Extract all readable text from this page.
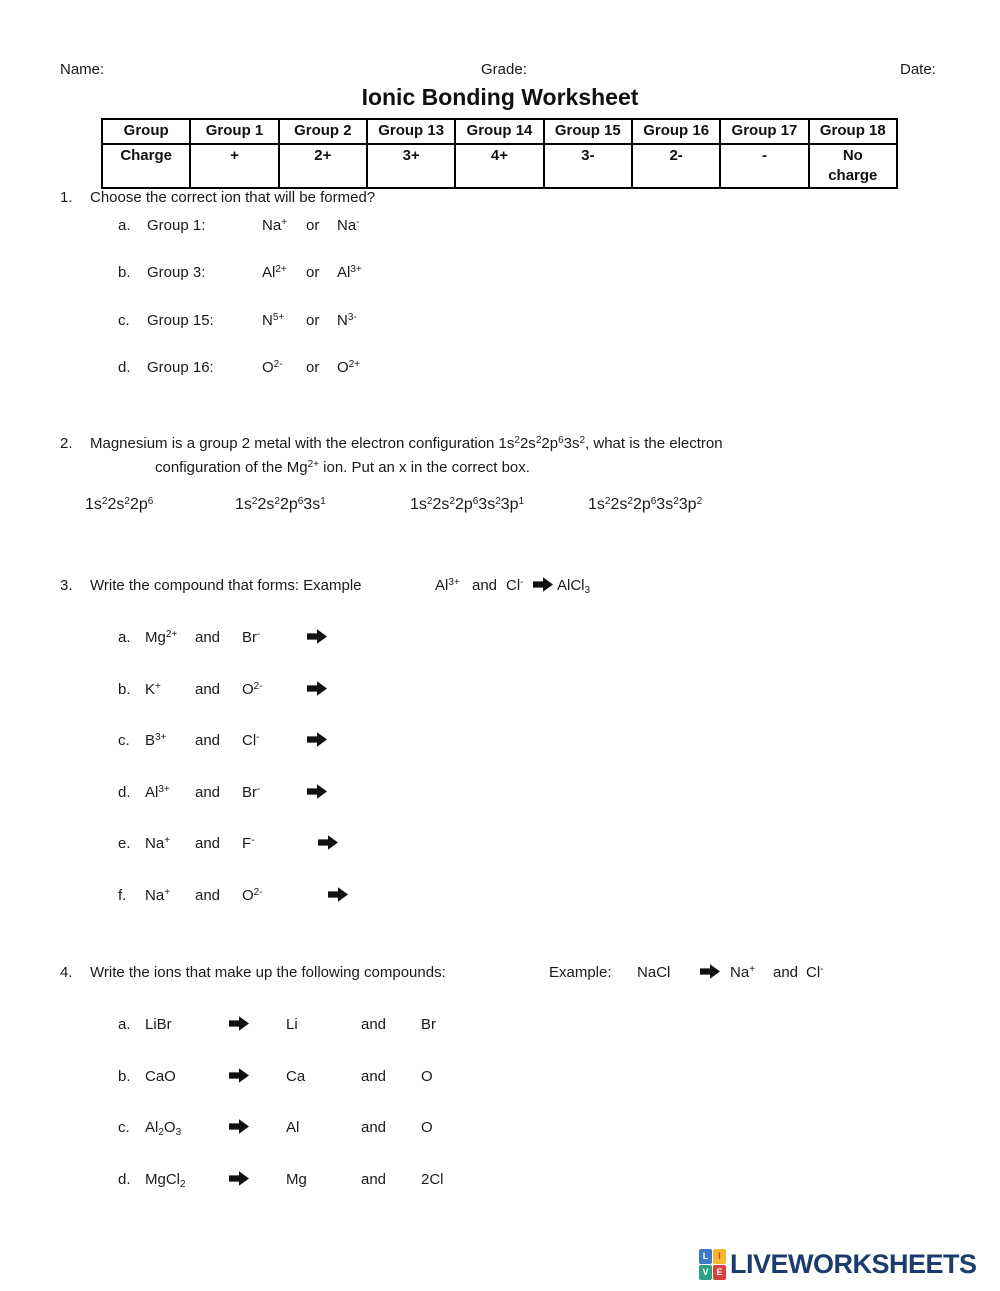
Name:	Grade:	Date:
Ionic Bonding Worksheet
Group	Group 1	Group 2	Group 13	Group 14	Group 15	Group 16	Group 17	Group 18
Charge	+	2+	3+	4+	3-	2-	-	No charge
1. Choose the correct ion that will be formed?
a. Group 1:	Na+ or Na-
b. Group 3:	$Al^{2+}$ or $Al^{3+}$
c. Group 15:	$N^{5+}$ or $N^{3-}$
d. Group 16:	$O^{2-}$ or $O^{2+}$
2. Magnesium is a group 2 metal with the electron configuration $1s^22s^22p^63s^2$, what is the electron
configuration of the $Mg^{2+}$ ion. Put an x in the correct box.
$1s^22s^22p^6$	$1s^22s^22p^63s^1$	$1s^22s^22p^63s^23p^1$	$1s^22s^22p^63s^23p^2$
3. Write the compound that forms: Example	$Al^{3+}$ and Cl- AlCl$_3$
a. $Mg^{2+}$ and Br-
b. K+ and $O^{2-}$
c. $B^{3+}$ and Cl-
d. $Al^{3+}$ and Br-
e. Na+ and F-
f. Na+ and $O^{2-}$
4. Write the ions that make up the following compounds:	Example: NaCl	Na+ and Cl-
a. LiBr	Li	and Br
b. CaO	Ca	and O
c. $Al_2O_3$	Al	and O
d. MgCl$_2$	Mg	and 2Cl
L	I
V E LIVEWORKSHEETS
